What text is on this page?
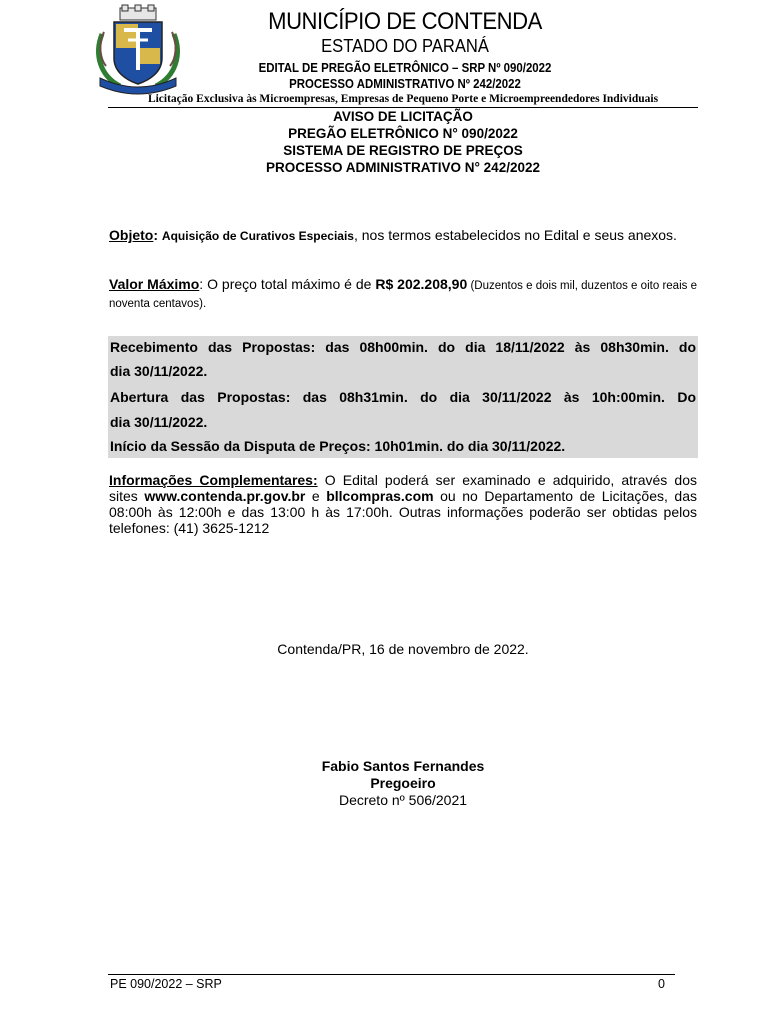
MUNICÍPIO DE CONTENDA
ESTADO DO PARANÁ
EDITAL DE PREGÃO ELETRÔNICO – SRP Nº 090/2022
PROCESSO ADMINISTRATIVO Nº 242/2022
Licitação Exclusiva às Microempresas, Empresas de Pequeno Porte e Microempreendedores Individuais
AVISO DE LICITAÇÃO
PREGÃO ELETRÔNICO N° 090/2022
SISTEMA DE REGISTRO DE PREÇOS
PROCESSO ADMINISTRATIVO N° 242/2022
Objeto: Aquisição de Curativos Especiais, nos termos estabelecidos no Edital e seus anexos.
Valor Máximo: O preço total máximo é de R$ 202.208,90 (Duzentos e dois mil, duzentos e oito reais e noventa centavos).
Recebimento das Propostas: das 08h00min. do dia 18/11/2022 às 08h30min. do
dia 30/11/2022.
Abertura das Propostas: das 08h31min. do dia 30/11/2022 às 10h:00min. Do
dia 30/11/2022.
Início da Sessão da Disputa de Preços: 10h01min. do dia 30/11/2022.
Informações Complementares: O Edital poderá ser examinado e adquirido, através dos sites www.contenda.pr.gov.br e bllcompras.com ou no Departamento de Licitações, das 08:00h às 12:00h e das 13:00 h às 17:00h. Outras informações poderão ser obtidas pelos telefones: (41) 3625-1212
Contenda/PR, 16 de novembro de 2022.
Fabio Santos Fernandes
Pregoeiro
Decreto nº 506/2021
PE 090/2022 – SRP	0
